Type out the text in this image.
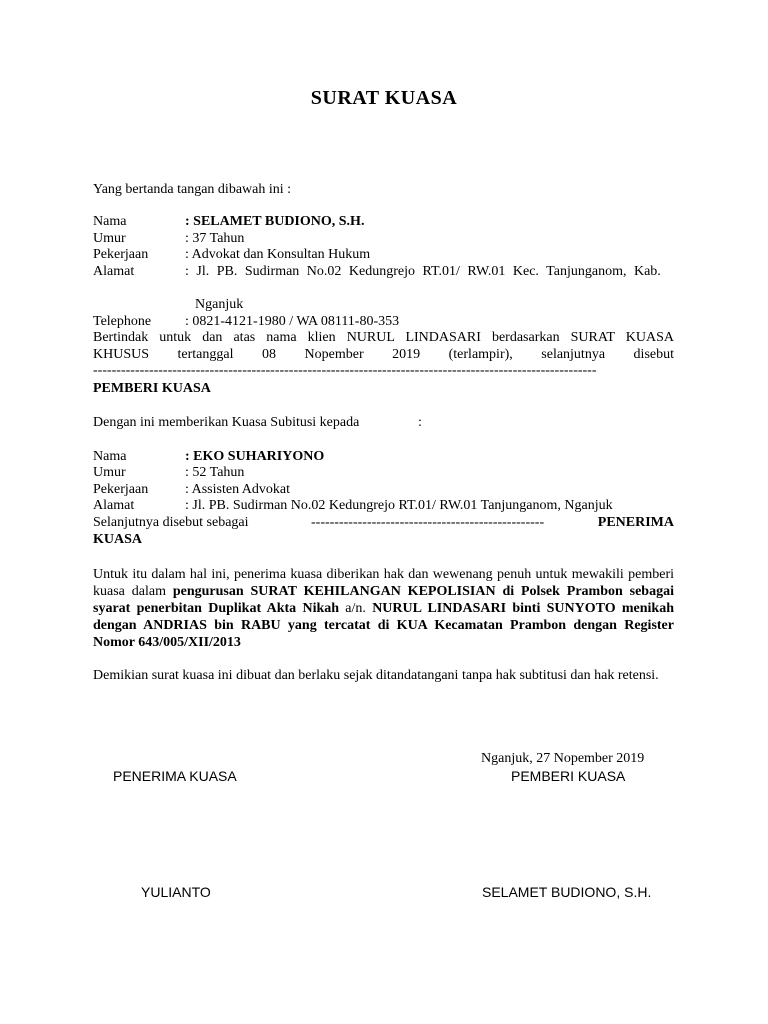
SURAT KUASA
Yang bertanda tangan dibawah ini :
Nama	: SELAMET BUDIONO, S.H.
Umur	: 37 Tahun
Pekerjaan	: Advokat dan Konsultan Hukum
Alamat	: Jl. PB. Sudirman No.02 Kedungrejo RT.01/ RW.01 Kec. Tanjunganom, Kab.
Nganjuk
Telephone : 0821-4121-1980 / WA 08111-80-353
Bertindak untuk dan atas nama klien NURUL LINDASARI berdasarkan SURAT KUASA
KHUSUS tertanggal 08 Nopember 2019 (terlampir), selanjutnya disebut
------------------------------------------------------------------------------------------------------------
PEMBERI KUASA
Dengan ini memberikan Kuasa Subitusi kepada	:
Nama	: EKO SUHARIYONO
Umur	: 52 Tahun
Pekerjaan	: Assisten Advokat
Alamat	: Jl. PB. Sudirman No.02 Kedungrejo RT.01/ RW.01 Tanjunganom, Nganjuk
Selanjutnya disebut sebagai	--------------------------------------------------	PENERIMA
KUASA
Untuk itu dalam hal ini, penerima kuasa diberikan hak dan wewenang penuh untuk mewakili pemberi kuasa dalam pengurusan SURAT KEHILANGAN KEPOLISIAN di Polsek Prambon sebagai syarat penerbitan Duplikat Akta Nikah a/n. NURUL LINDASARI binti SUNYOTO menikah dengan ANDRIAS bin RABU yang tercatat di KUA Kecamatan Prambon dengan Register Nomor 643/005/XII/2013
Demikian surat kuasa ini dibuat dan berlaku sejak ditandatangani tanpa hak subtitusi dan hak retensi.
Nganjuk, 27 Nopember 2019
PENERIMA KUASA	PEMBERI KUASA
YULIANTO	SELAMET BUDIONO, S.H.
